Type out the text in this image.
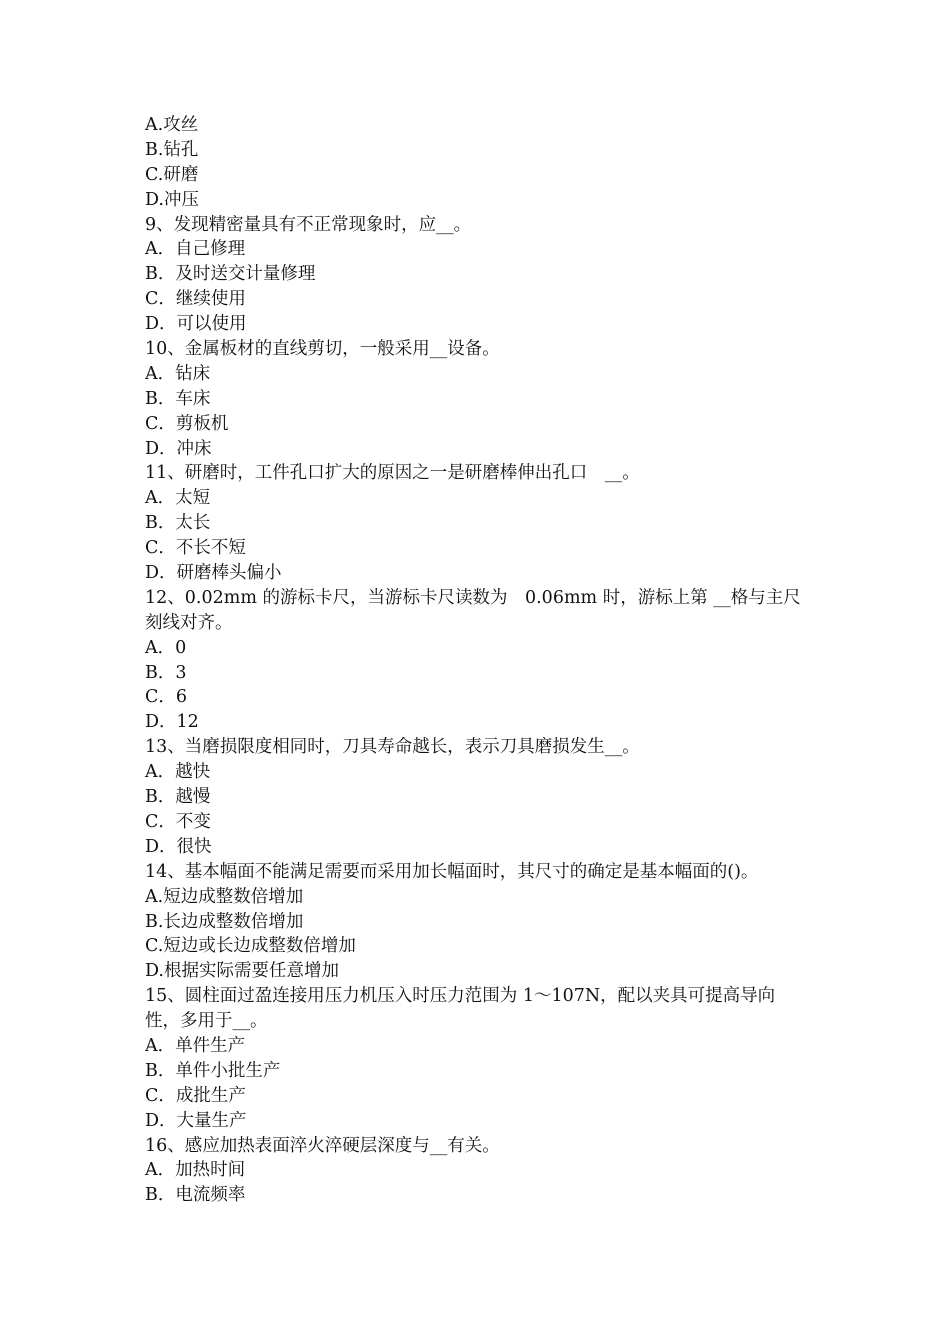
A.攻丝
B.钻孔
C.研磨
D.冲压
9、发现精密量具有不正常现象时，应__。
A．自己修理
B．及时送交计量修理
C．继续使用
D．可以使用
10、金属板材的直线剪切，一般采用__设备。
A．钻床
B．车床
C．剪板机
D．冲床
11、研磨时，工件孔口扩大的原因之一是研磨棒伸出孔口　__。
A．太短
B．太长
C．不长不短
D．研磨棒头偏小
12、0.02mm 的游标卡尺，当游标卡尺读数为　0.06mm 时，游标上第 __格与主尺
刻线对齐。
A．0
B．3
C．6
D．12
13、当磨损限度相同时，刀具寿命越长，表示刀具磨损发生__。
A．越快
B．越慢
C．不变
D．很快
14、基本幅面不能满足需要而采用加长幅面时，其尺寸的确定是基本幅面的()。
A.短边成整数倍增加
B.长边成整数倍增加
C.短边或长边成整数倍增加
D.根据实际需要任意增加
15、圆柱面过盈连接用压力机压入时压力范围为 1～107N，配以夹具可提高导向
性，多用于__。
A．单件生产
B．单件小批生产
C．成批生产
D．大量生产
16、感应加热表面淬火淬硬层深度与__有关。
A．加热时间
B．电流频率
